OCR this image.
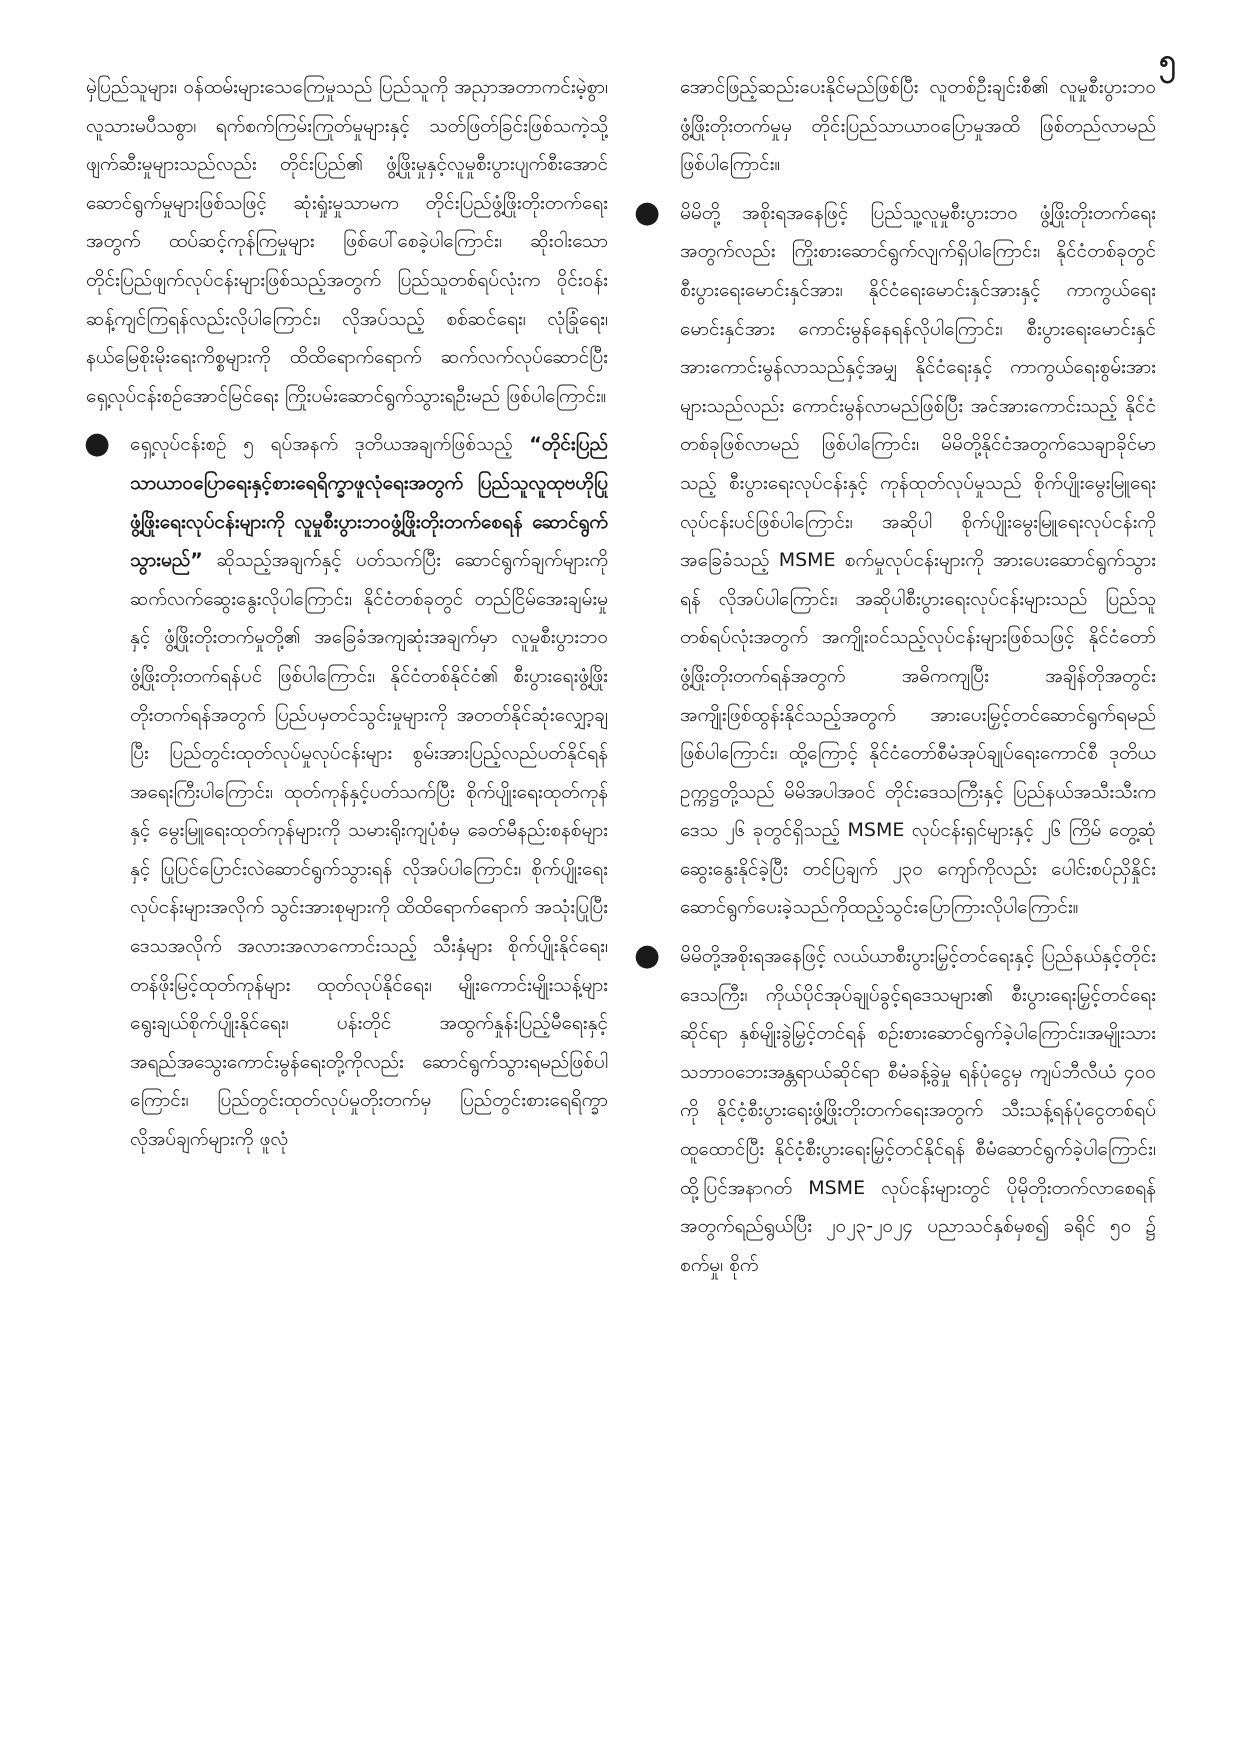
၅

မှဲပြည်သူများ၊ ဝန်ထမ်းများသေကြေမှုသည် ပြည်သူကို အညှာအတာကင်းမဲ့စွာ၊ လူသားမပီသစွာ၊ ရက်စက်ကြမ်းကြုတ်မှုများနှင့် သတ်ဖြတ်ခြင်းဖြစ်သကဲ့သို့ ဖျက်ဆီးမှုများသည်လည်း တိုင်းပြည်၏ ဖွံ့ဖြိုးမှုနှင့်လူမှုစီးပွားပျက်စီးအောင် ဆောင်ရွက်မှုများဖြစ်သဖြင့် ဆုံးရှုံးမှုသာမက တိုင်းပြည်ဖွံ့ဖြိုးတိုးတက်ရေးအတွက် ထပ်ဆင့်ကုန်ကြမှုများ ဖြစ်ပေါ်စေခဲ့ပါကြောင်း၊ ဆိုးဝါးသော တိုင်းပြည်ဖျက်လုပ်ငန်းများဖြစ်သည့်အတွက် ပြည်သူတစ်ရပ်လုံးက ဝိုင်းဝန်းဆန့်ကျင်ကြရန်လည်းလိုပါကြောင်း၊ လိုအပ်သည့် စစ်ဆင်ရေး၊ လုံခြုံရေး၊ နယ်မြေစိုးမိုးရေးကိစ္စများကို ထိထိရောက်ရောက် ဆက်လက်လုပ်ဆောင်ပြီး ရှေ့လုပ်ငန်းစဉ်အောင်မြင်ရေး ကြိုးပမ်းဆောင်ရွက်သွားရဦးမည် ဖြစ်ပါကြောင်း။

● ရှေ့လုပ်ငန်းစဉ် ၅ ရပ်အနက် ဒုတိယအချက်ဖြစ်သည့် “တိုင်းပြည်သာယာဝပြောရေးနှင့်စားရေရိက္ခာဖူလုံရေးအတွက် ပြည်သူလူထုဗဟိုပြု ဖွံ့ဖြိုးရေးလုပ်ငန်းများကို လူမှုစီးပွားဘဝဖွံ့ဖြိုးတိုးတက်စေရန် ဆောင်ရွက်သွားမည်” ဆိုသည့်အချက်နှင့် ပတ်သက်ပြီး ဆောင်ရွက်ချက်များကို ဆက်လက်ဆွေးနွေးလိုပါကြောင်း၊ နိုင်ငံတစ်ခုတွင် တည်ငြိမ်အေးချမ်းမှုနှင့် ဖွံ့ဖြိုးတိုးတက်မှုတို့၏ အခြေခံအကျဆုံးအချက်မှာ လူမှုစီးပွားဘဝဖွံ့ဖြိုးတိုးတက်ရန်ပင် ဖြစ်ပါကြောင်း၊ နိုင်ငံတစ်နိုင်ငံ၏ စီးပွားရေးဖွံ့ဖြိုးတိုးတက်ရန်အတွက် ပြည်ပမှတင်သွင်းမှုများကို အတတ်နိုင်ဆုံးလျှော့ချပြီး ပြည်တွင်းထုတ်လုပ်မှုလုပ်ငန်းများ စွမ်းအားပြည့်လည်ပတ်နိုင်ရန် အရေးကြီးပါကြောင်း၊ ထုတ်ကုန်နှင့်ပတ်သက်ပြီး စိုက်ပျိုးရေးထုတ်ကုန်နှင့် မွေးမြူရေးထုတ်ကုန်များကို သမားရိုးကျပုံစံမှ ခေတ်မီနည်းစနစ်များနှင့် ပြုပြင်ပြောင်းလဲဆောင်ရွက်သွားရန် လိုအပ်ပါကြောင်း၊ စိုက်ပျိုးရေးလုပ်ငန်းများအလိုက် သွင်းအားစုများကို ထိထိရောက်ရောက် အသုံးပြုပြီး ဒေသအလိုက် အလားအလာကောင်းသည့် သီးနှံများ စိုက်ပျိုးနိုင်ရေး၊ တန်ဖိုးမြင့်ထုတ်ကုန်များ ထုတ်လုပ်နိုင်ရေး၊ မျိုးကောင်းမျိုးသန့်များ ရွေးချယ်စိုက်ပျိုးနိုင်ရေး၊ ပန်းတိုင် အထွက်နှုန်းပြည့်မီရေးနှင့် အရည်အသွေးကောင်းမွန်ရေးတို့ကိုလည်း ဆောင်ရွက်သွားရမည်ဖြစ်ပါကြောင်း၊ ပြည်တွင်းထုတ်လုပ်မှုတိုးတက်မှ ပြည်တွင်းစားရေရိက္ခာ လိုအပ်ချက်များကို ဖူလုံ
အောင်ဖြည့်ဆည်းပေးနိုင်မည်ဖြစ်ပြီး လူတစ်ဦးချင်းစီ၏ လူမှုစီးပွားဘဝ ဖွံ့ဖြိုးတိုးတက်မှုမှ တိုင်းပြည်သာယာဝပြောမှုအထိ ဖြစ်တည်လာမည် ဖြစ်ပါကြောင်း။
● မိမိတို့ အစိုးရအနေဖြင့် ပြည်သူ့လူမှုစီးပွားဘဝ ဖွံ့ဖြိုးတိုးတက်ရေးအတွက်လည်း ကြိုးစားဆောင်ရွက်လျက်ရှိပါကြောင်း၊ နိုင်ငံတစ်ခုတွင် စီးပွားရေးမောင်းနှင်အား၊ နိုင်ငံရေးမောင်းနှင်အားနှင့် ကာကွယ်ရေးမောင်းနှင်အား ကောင်းမွန်နေရန်လိုပါကြောင်း၊ စီးပွားရေးမောင်းနှင်အားကောင်းမွန်လာသည်နှင့်အမျှ နိုင်ငံရေးနှင့် ကာကွယ်ရေးစွမ်းအားများသည်လည်း ကောင်းမွန်လာမည်ဖြစ်ပြီး အင်အားကောင်းသည့် နိုင်ငံတစ်ခုဖြစ်လာမည် ဖြစ်ပါကြောင်း၊ မိမိတို့နိုင်ငံအတွက်သေချာခိုင်မာသည့် စီးပွားရေးလုပ်ငန်းနှင့် ကုန်ထုတ်လုပ်မှုသည် စိုက်ပျိုးမွေးမြူရေးလုပ်ငန်းပင်ဖြစ်ပါကြောင်း၊ အဆိုပါ စိုက်ပျိုးမွေးမြူရေးလုပ်ငန်းကို အခြေခံသည့် MSME စက်မှုလုပ်ငန်းများကို အားပေးဆောင်ရွက်သွားရန် လိုအပ်ပါကြောင်း၊ အဆိုပါစီးပွားရေးလုပ်ငန်းများသည် ပြည်သူတစ်ရပ်လုံးအတွက် အကျိုးဝင်သည့်လုပ်ငန်းများဖြစ်သဖြင့် နိုင်ငံတော်ဖွံ့ဖြိုးတိုးတက်ရန်အတွက် အဓိကကျပြီး အချိန်တိုအတွင်း အကျိုးဖြစ်ထွန်းနိုင်သည့်အတွက် အားပေးမြှင့်တင်ဆောင်ရွက်ရမည် ဖြစ်ပါကြောင်း၊ ထို့ကြောင့် နိုင်ငံတော်စီမံအုပ်ချုပ်ရေးကောင်စီ ဒုတိယဥက္ကဋ္ဌတို့သည် မိမိအပါအဝင် တိုင်းဒေသကြီးနှင့် ပြည်နယ်အသီးသီးက ဒေသ ၂၆ ခုတွင်ရှိသည့် MSME လုပ်ငန်းရှင်များနှင့် ၂၆ ကြိမ် တွေ့ဆုံဆွေးနွေးနိုင်ခဲ့ပြီး တင်ပြချက် ၂၃၀ ကျော်ကိုလည်း ပေါင်းစပ်ညှိနှိုင်း ဆောင်ရွက်ပေးခဲ့သည်ကိုထည့်သွင်းပြောကြားလိုပါကြောင်း။
● မိမိတို့အစိုးရအနေဖြင့် လယ်ယာစီးပွားမြှင့်တင်ရေးနှင့် ပြည်နယ်နှင့်တိုင်းဒေသကြီး၊ ကိုယ်ပိုင်အုပ်ချုပ်ခွင့်ရဒေသများ၏ စီးပွားရေးမြှင့်တင်ရေးဆိုင်ရာ နှစ်မျိုးခွဲမြှင့်တင်ရန် စဉ်းစားဆောင်ရွက်ခဲ့ပါကြောင်း၊အမျိုးသားသဘာဝဘေးအန္တရာယ်ဆိုင်ရာ စီမံခန့်ခွဲမှု ရန်ပုံငွေမှ ကျပ်ဘီလီယံ ၄၀၀ ကို နိုင်ငံ့စီးပွားရေးဖွံ့ဖြိုးတိုးတက်ရေးအတွက် သီးသန့်ရန်ပုံငွေတစ်ရပ်ထူထောင်ပြီး နိုင်ငံ့စီးပွားရေးမြှင့်တင်နိုင်ရန် စီမံဆောင်ရွက်ခဲ့ပါကြောင်း၊ ထို့ပြင်အနာဂတ် MSME လုပ်ငန်းများတွင် ပိုမိုတိုးတက်လာစေရန်အတွက်ရည်ရွယ်ပြီး ၂၀၂၃-၂၀၂၄ ပညာသင်နှစ်မှစ၍ ခရိုင် ၅၀ ၌ စက်မှု၊ စိုက်
